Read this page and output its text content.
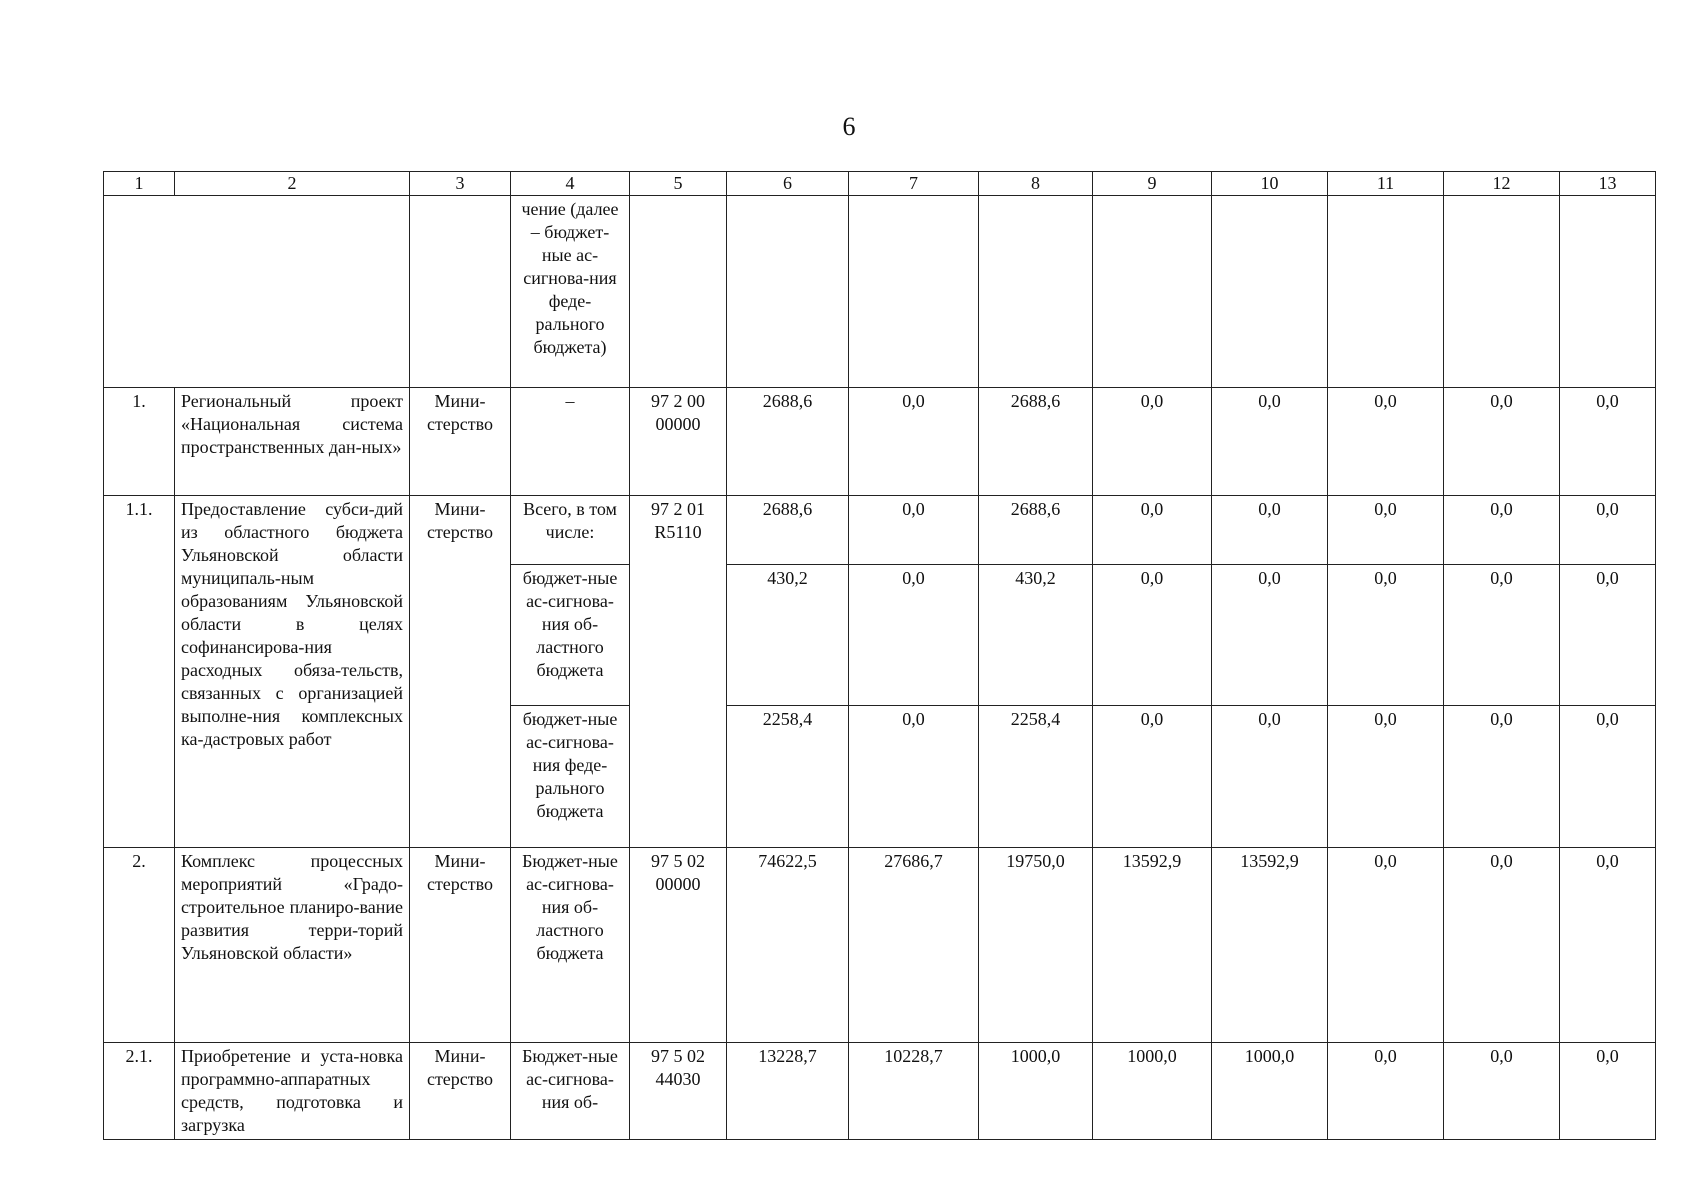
6
1	2	3	4	5	6	7	8	9	10	11	12	13
			чение (далее – бюджет-ные ас-сигнова-ния феде-рального бюджета)									
1.	Региональный проект «Национальная система пространственных дан-ных»	Мини-стерство	–	97 2 00 00000	2688,6	0,0	2688,6	0,0	0,0	0,0	0,0	0,0
1.1.	Предоставление субси-дий из областного бюджета Ульяновской области муниципаль-ным образованиям Ульяновской области в целях софинансирова-ния расходных обяза-тельств, связанных с организацией выполне-ния комплексных ка-дастровых работ	Мини-стерство	Всего, в том числе:	97 2 01 R5110	2688,6	0,0	2688,6	0,0	0,0	0,0	0,0	0,0
			бюджет-ные ас-сигнова-ния об-ластного бюджета		430,2	0,0	430,2	0,0	0,0	0,0	0,0	0,0
			бюджет-ные ас-сигнова-ния феде-рального бюджета		2258,4	0,0	2258,4	0,0	0,0	0,0	0,0	0,0
2.	Комплекс процессных мероприятий «Градо-строительное планиро-вание развития терри-торий Ульяновской области»	Мини-стерство	Бюджет-ные ас-сигнова-ния об-ластного бюджета	97 5 02 00000	74622,5	27686,7	19750,0	13592,9	13592,9	0,0	0,0	0,0
2.1.	Приобретение и уста-новка программно-аппаратных средств, подготовка и загрузка	Мини-стерство	Бюджет-ные ас-сигнова-ния об-	97 5 02 44030	13228,7	10228,7	1000,0	1000,0	1000,0	0,0	0,0	0,0
